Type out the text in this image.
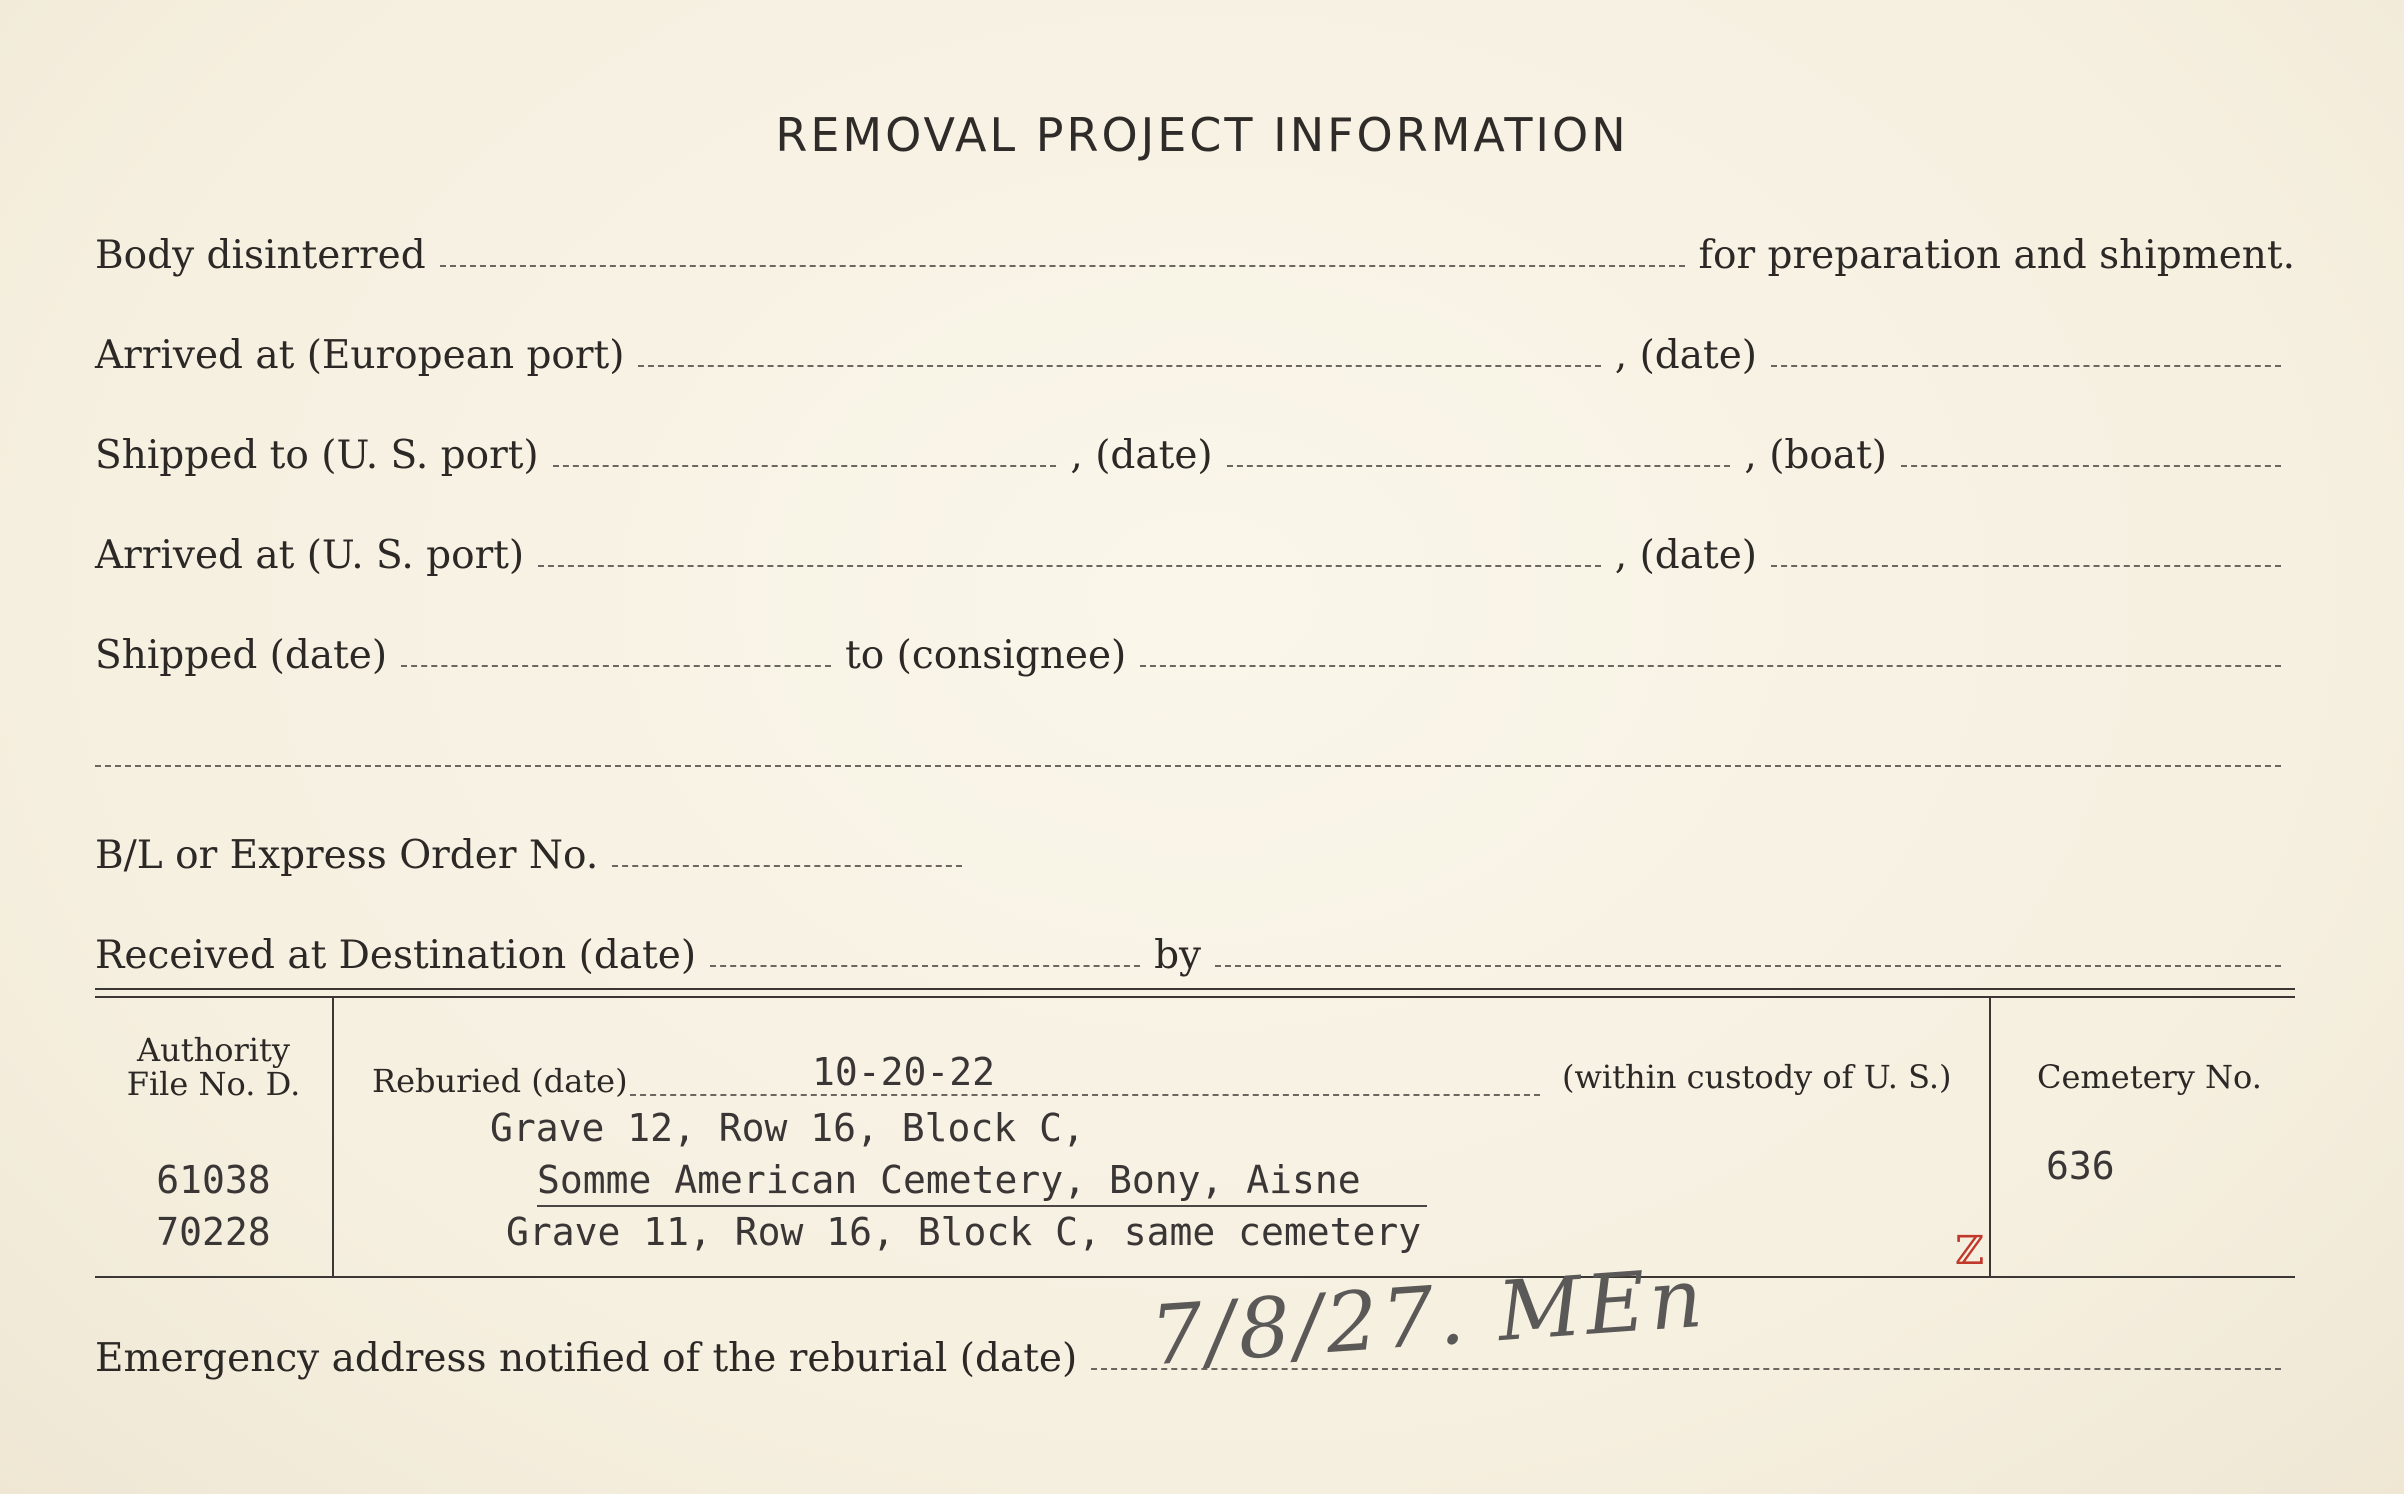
REMOVAL PROJECT INFORMATION
Body disinterred	for preparation and shipment.
Arrived at (European port)	, (date)
Shipped to (U. S. port)	, (date)	, (boat)
Arrived at (U. S. port)	, (date)
Shipped (date)	to (consignee)
B/L or Express Order No.
Received at Destination (date)	by
Authority
File No. D.
61038
70228
Reburied (date)	10-20-22	(within custody of U. S.)
Grave 12, Row 16, Block C,
Somme American Cemetery, Bony, Aisne
Grave 11, Row 16, Block C, same cemetery
Cemetery No.
636
ℤ
Emergency address notified of the reburial (date) 7/8/27. MEn
